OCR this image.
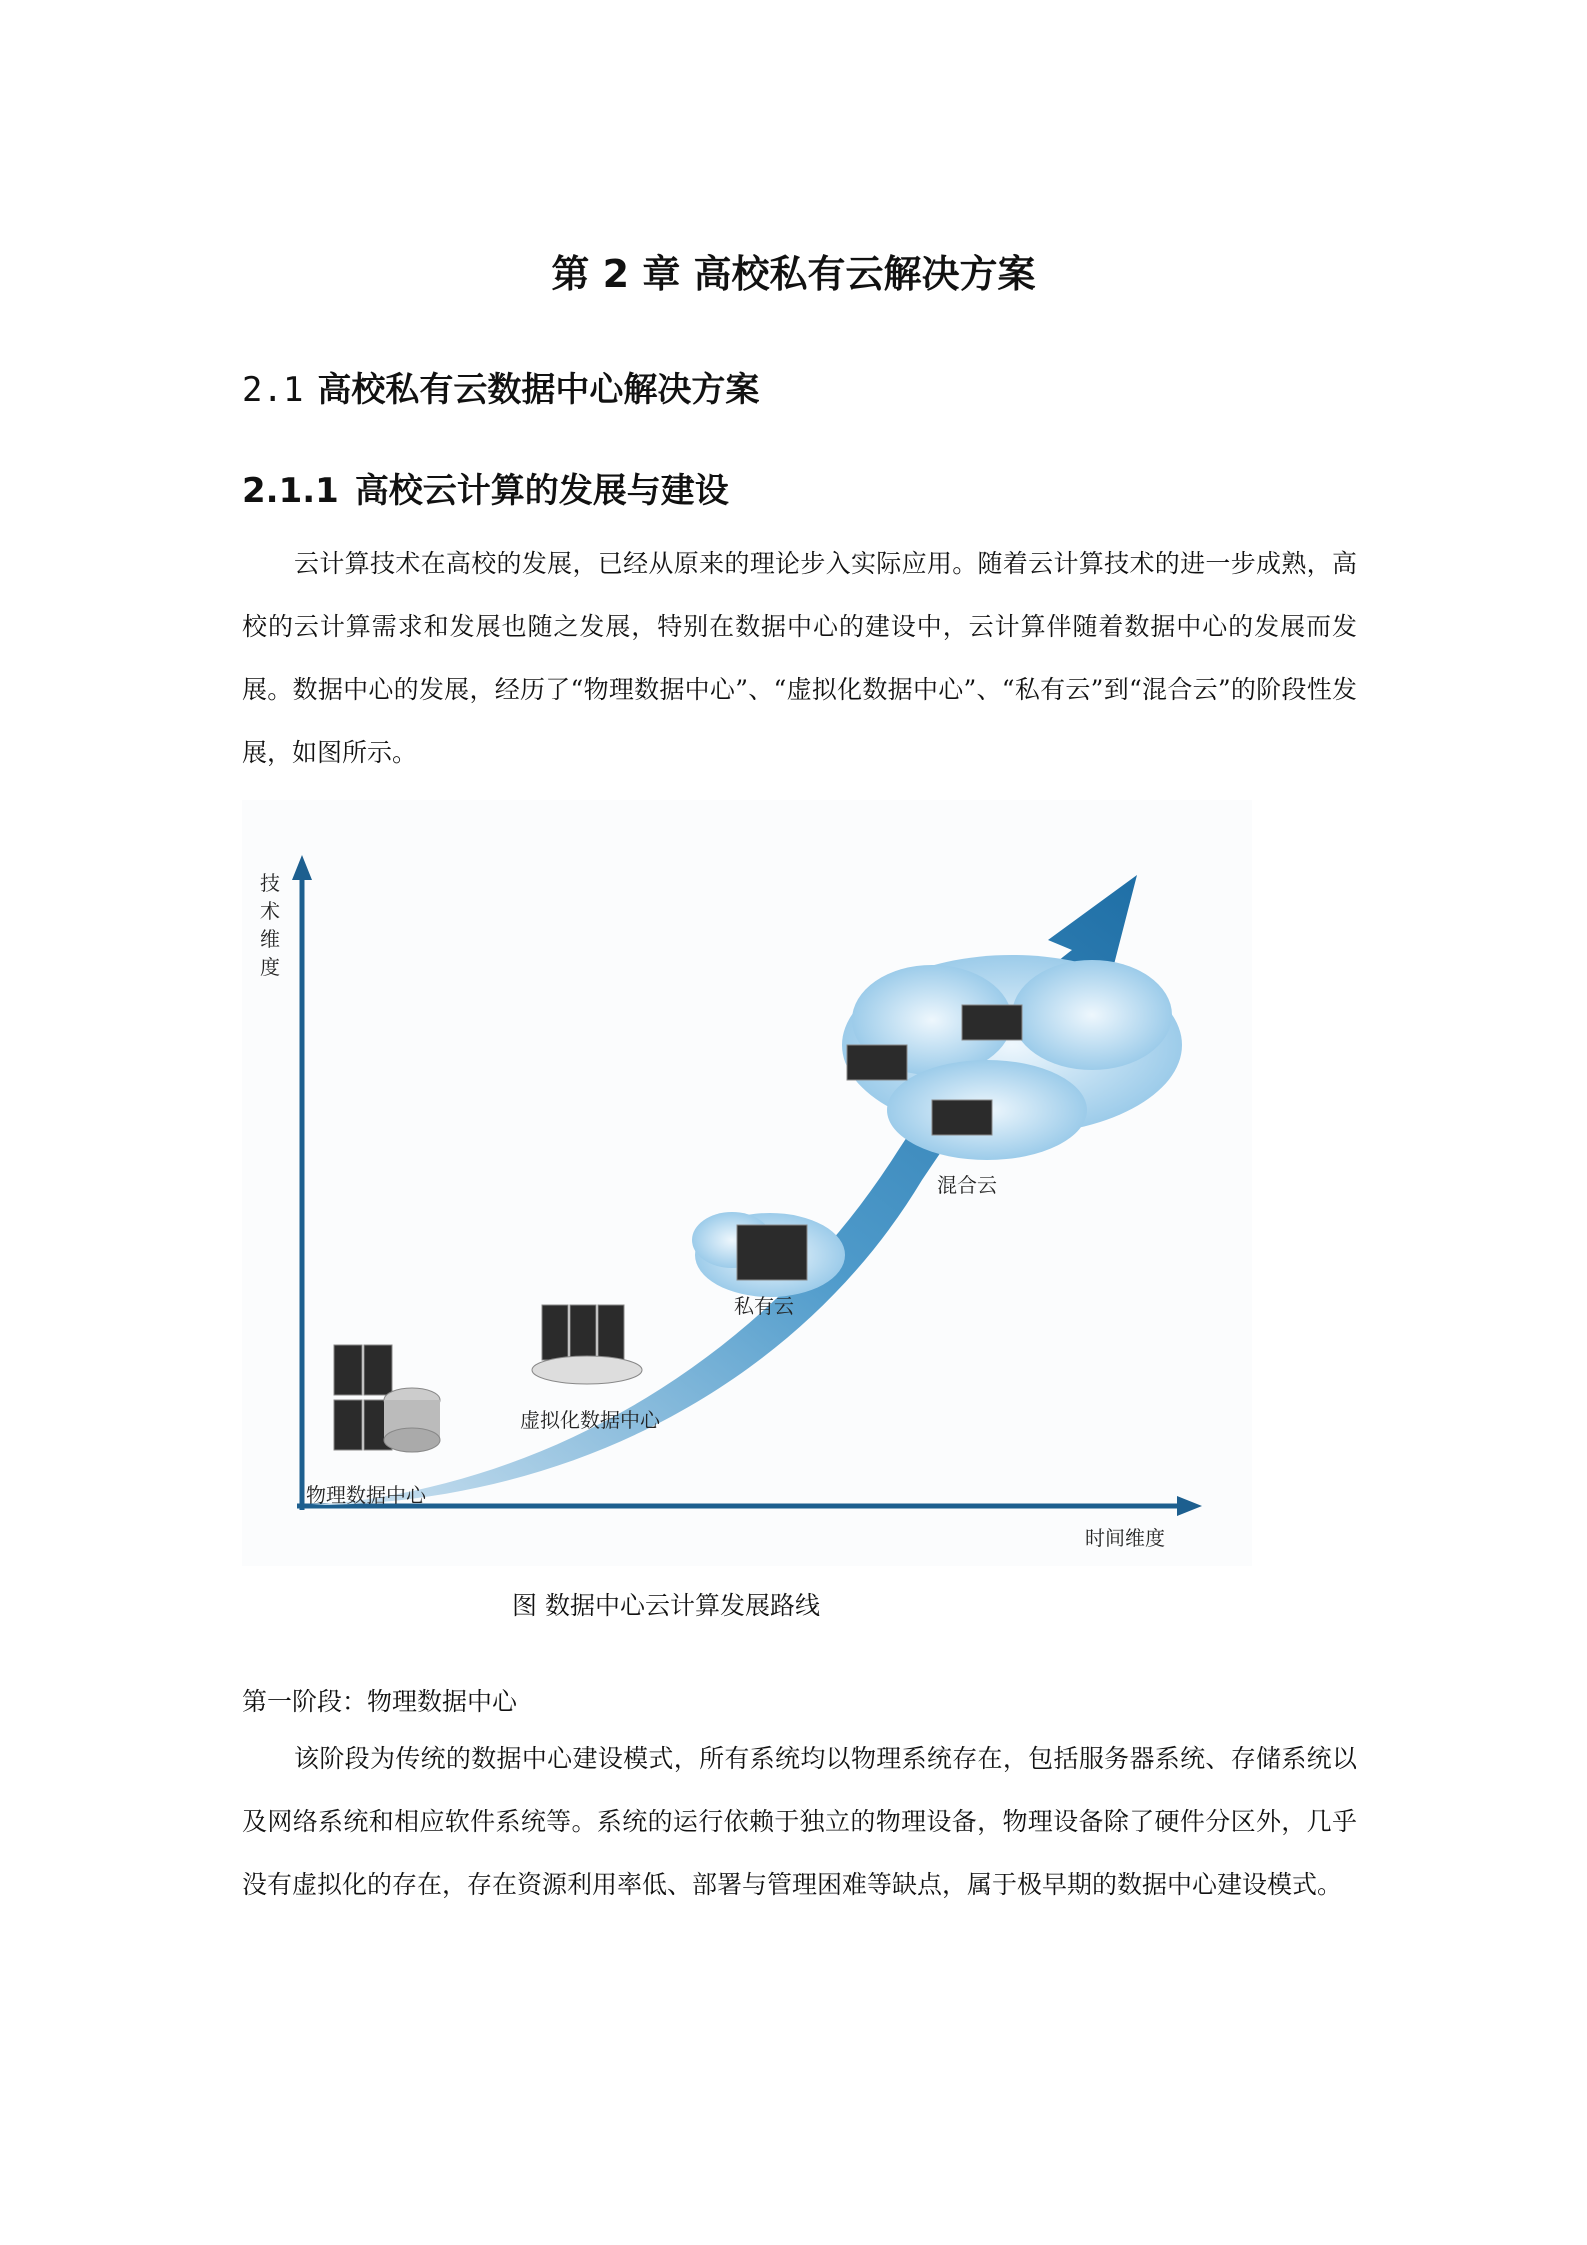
第 2 章 高校私有云解决方案
2.1 高校私有云数据中心解决方案
2.1.1 高校云计算的发展与建设

云计算技术在高校的发展，已经从原来的理论步入实际应用。随着云计算技术的进一步成熟，高校的云计算需求和发展也随之发展，特别在数据中心的建设中，云计算伴随着数据中心的发展而发展。数据中心的发展，经历了“物理数据中心”、“虚拟化数据中心”、“私有云”到“混合云”的阶段性发展，如图所示。

技
术
维
度
时间维度
物理数据中心
虚拟化数据中心
私有云
混合云
图 数据中心云计算发展路线
第一阶段：物理数据中心

该阶段为传统的数据中心建设模式，所有系统均以物理系统存在，包括服务器系统、存储系统以及网络系统和相应软件系统等。系统的运行依赖于独立的物理设备，物理设备除了硬件分区外，几乎没有虚拟化的存在，存在资源利用率低、部署与管理困难等缺点，属于极早期的数据中心建设模式。
